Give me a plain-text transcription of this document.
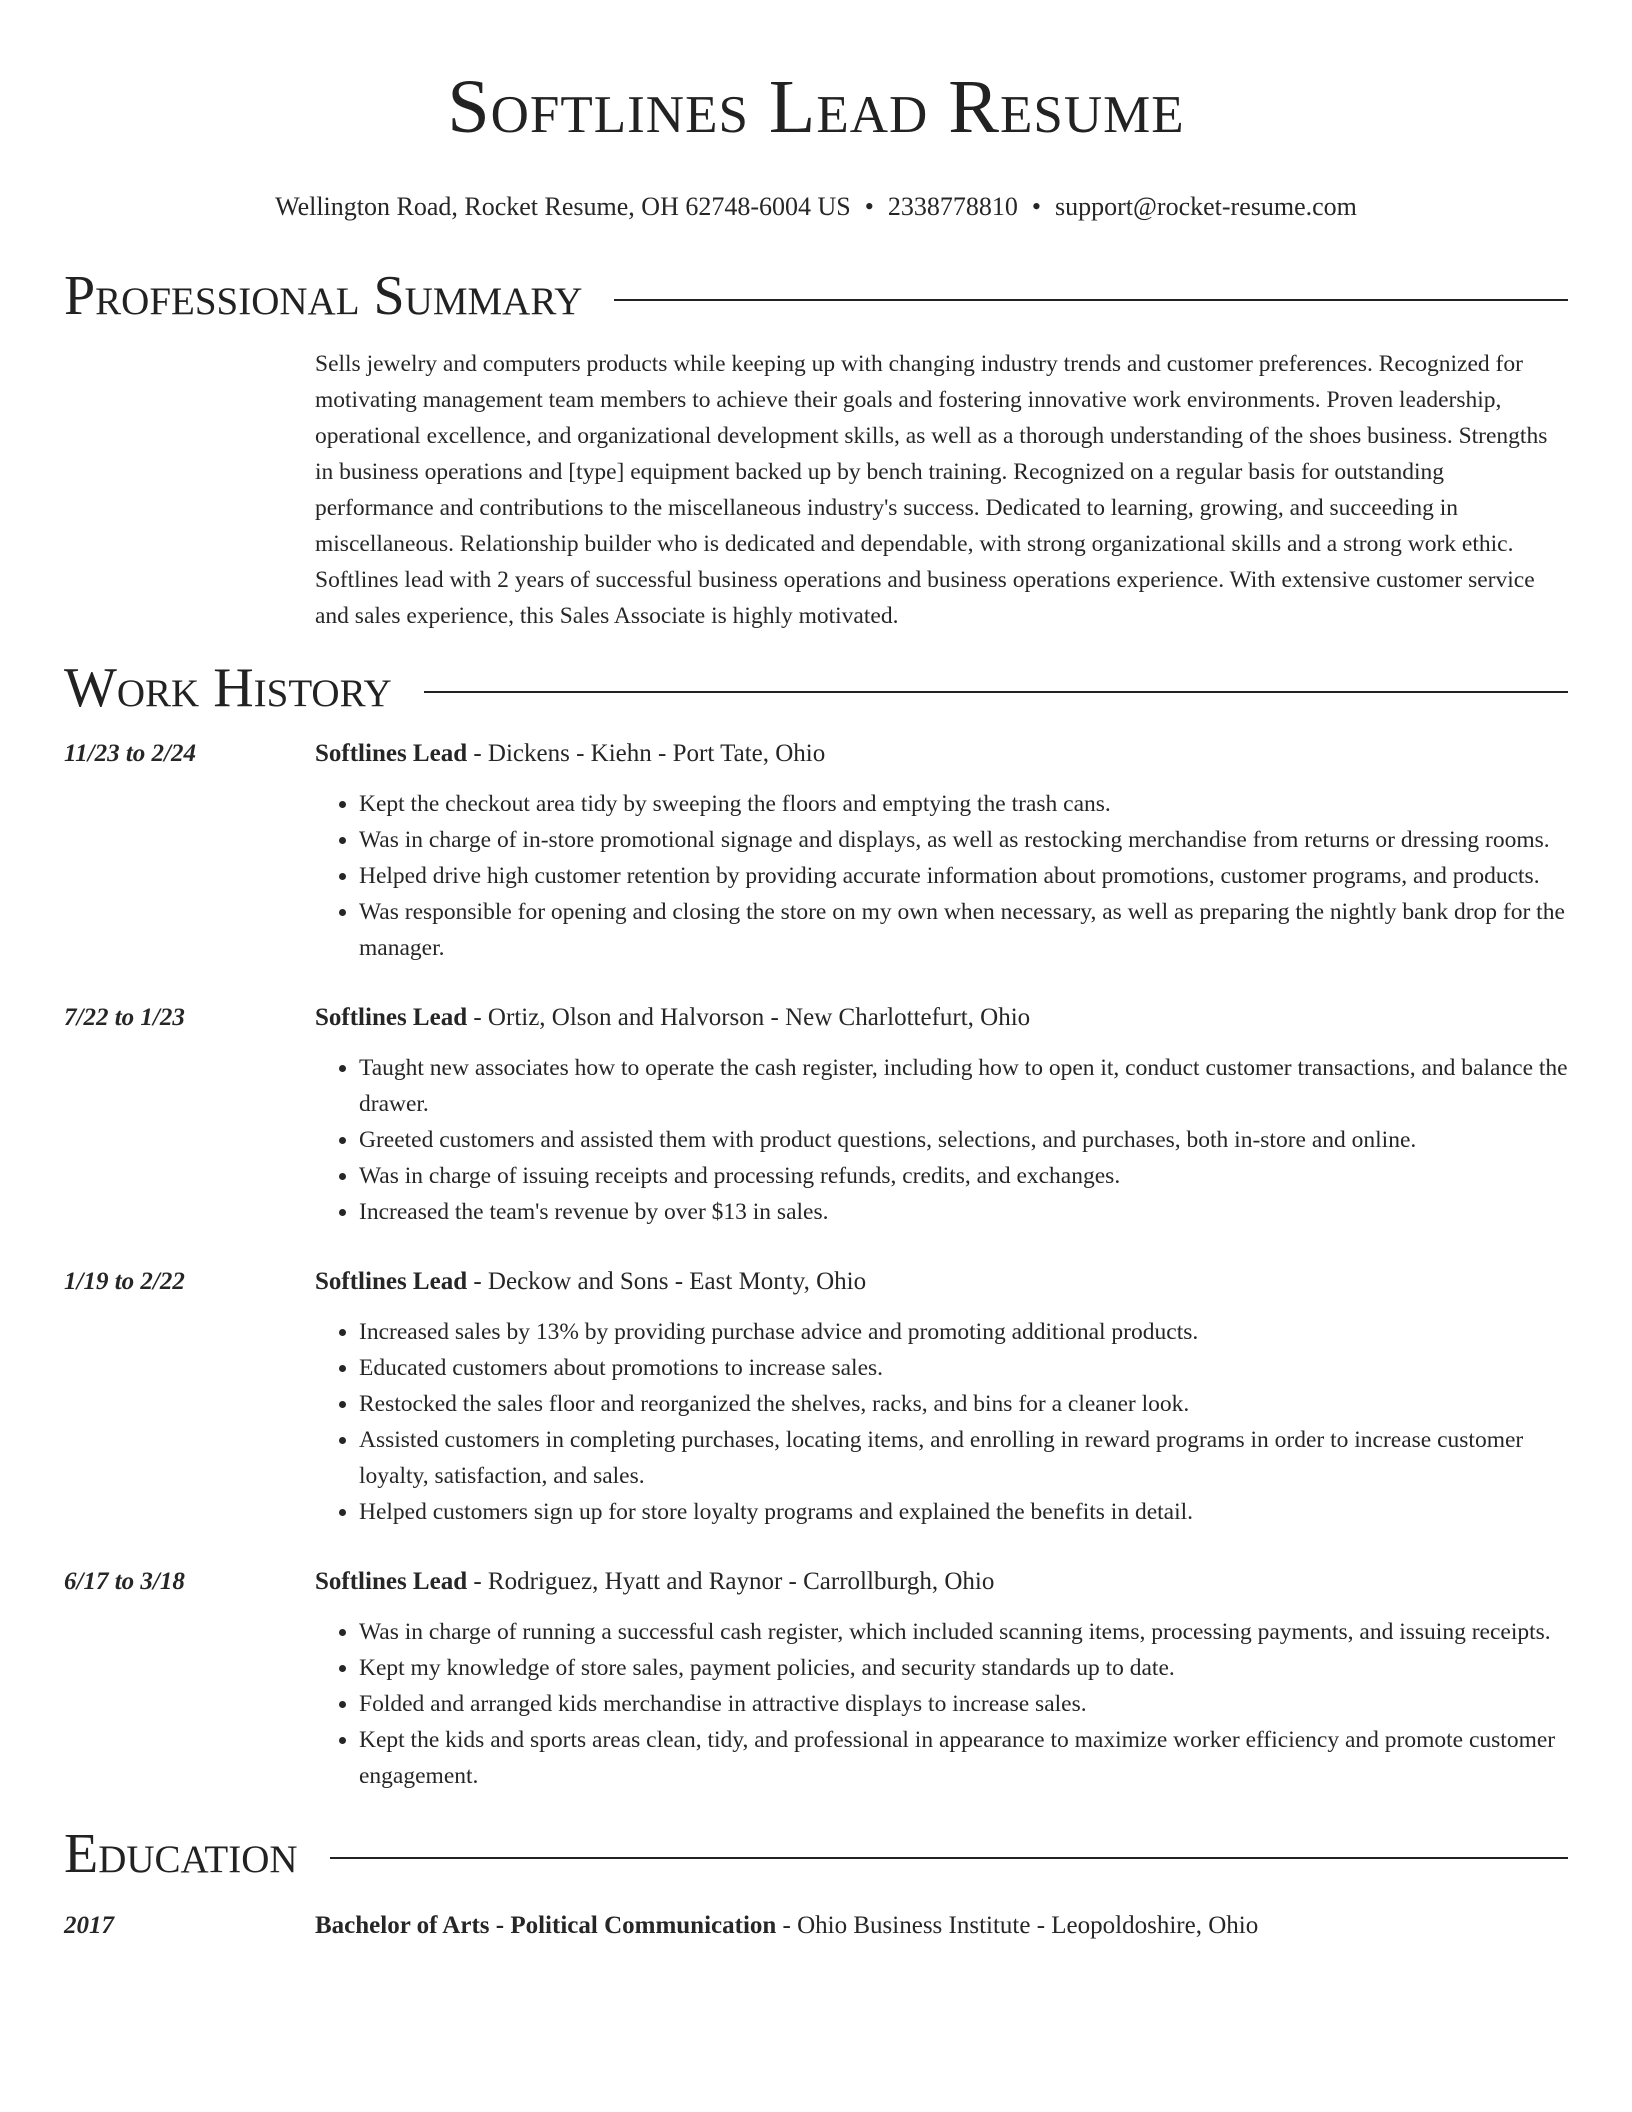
Softlines Lead Resume
Wellington Road, Rocket Resume, OH 62748-6004 US • 2338778810 • support@rocket-resume.com
Professional Summary
Sells jewelry and computers products while keeping up with changing industry trends and customer preferences. Recognized for motivating management team members to achieve their goals and fostering innovative work environments. Proven leadership, operational excellence, and organizational development skills, as well as a thorough understanding of the shoes business. Strengths in business operations and [type] equipment backed up by bench training. Recognized on a regular basis for outstanding performance and contributions to the miscellaneous industry's success. Dedicated to learning, growing, and succeeding in miscellaneous. Relationship builder who is dedicated and dependable, with strong organizational skills and a strong work ethic. Softlines lead with 2 years of successful business operations and business operations experience. With extensive customer service and sales experience, this Sales Associate is highly motivated.
Work History
11/23 to 2/24	Softlines Lead - Dickens - Kiehn - Port Tate, Ohio
• Kept the checkout area tidy by sweeping the floors and emptying the trash cans.
• Was in charge of in-store promotional signage and displays, as well as restocking merchandise from returns or dressing rooms.
• Helped drive high customer retention by providing accurate information about promotions, customer programs, and products.
• Was responsible for opening and closing the store on my own when necessary, as well as preparing the nightly bank drop for the manager.
7/22 to 1/23	Softlines Lead - Ortiz, Olson and Halvorson - New Charlottefurt, Ohio
• Taught new associates how to operate the cash register, including how to open it, conduct customer transactions, and balance the drawer.
• Greeted customers and assisted them with product questions, selections, and purchases, both in-store and online.
• Was in charge of issuing receipts and processing refunds, credits, and exchanges.
• Increased the team's revenue by over $13 in sales.
1/19 to 2/22	Softlines Lead - Deckow and Sons - East Monty, Ohio
• Increased sales by 13% by providing purchase advice and promoting additional products.
• Educated customers about promotions to increase sales.
• Restocked the sales floor and reorganized the shelves, racks, and bins for a cleaner look.
• Assisted customers in completing purchases, locating items, and enrolling in reward programs in order to increase customer loyalty, satisfaction, and sales.
• Helped customers sign up for store loyalty programs and explained the benefits in detail.
6/17 to 3/18	Softlines Lead - Rodriguez, Hyatt and Raynor - Carrollburgh, Ohio
• Was in charge of running a successful cash register, which included scanning items, processing payments, and issuing receipts.
• Kept my knowledge of store sales, payment policies, and security standards up to date.
• Folded and arranged kids merchandise in attractive displays to increase sales.
• Kept the kids and sports areas clean, tidy, and professional in appearance to maximize worker efficiency and promote customer engagement.
Education
2017	Bachelor of Arts - Political Communication - Ohio Business Institute - Leopoldoshire, Ohio
